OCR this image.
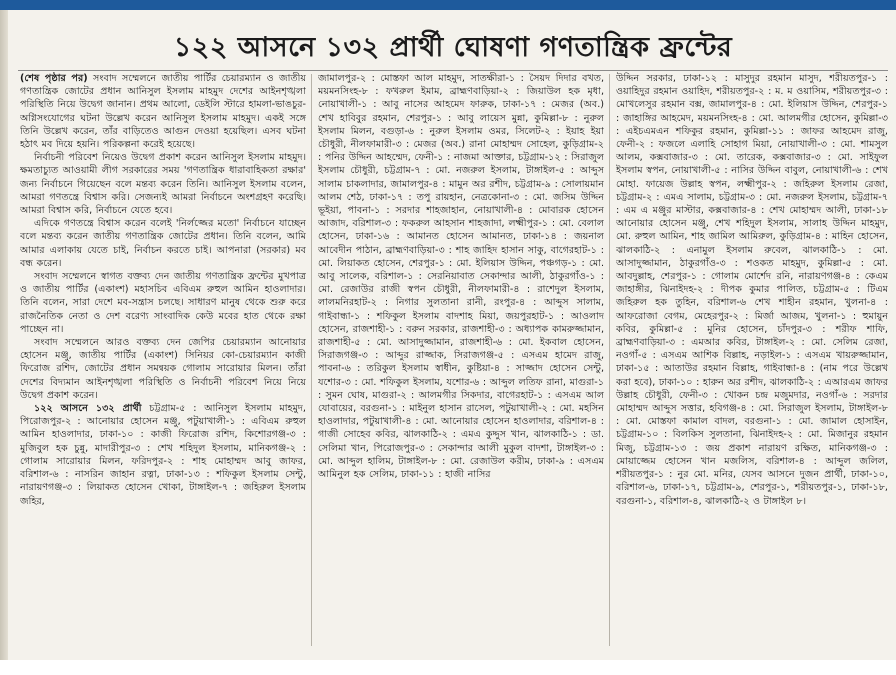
১২২ আসনে ১৩২ প্রার্থী ঘোষণা গণতান্ত্রিক ফ্রন্টের

(শেষ পৃষ্ঠার পর) সংবাদ সম্মেলনে জাতীয় পার্টির চেয়ারম্যান ও জাতীয় গণতান্ত্রিক জোটের প্রধান আনিসুল ইসলাম মাহমুদ দেশের আইনশৃঙ্খলা পরিস্থিতি নিয়ে উদ্বেগ জানান। প্রথম আলো, ডেইলি স্টারে হামলা-ভাঙচুর-অগ্নিসংযোগের ঘটনা উল্লেখ করেন আনিসুল ইসলাম মাহমুদ। একই সঙ্গে তিনি উল্লেখ করেন, তাঁর বাড়িতেও আগুন দেওয়া হয়েছিল। এসব ঘটনা হঠাৎ মব দিয়ে হয়নি। পরিকল্পনা করেই হয়েছে।

নির্বাচনী পরিবেশ নিয়েও উদ্বেগ প্রকাশ করেন আনিসুল ইসলাম মাহমুদ। ক্ষমতাচ্যুত আওয়ামী লীগ সরকারের সময় 'গণতান্ত্রিক ধারাবাহিকতা রক্ষার' জন্য নির্বাচনে গিয়েছেন বলে মন্তব্য করেন তিনি। আনিসুল ইসলাম বলেন, আমরা গণতন্ত্রে বিশ্বাস করি। সেজন্যই আমরা নির্বাচনে অংশগ্রহণ করেছি। আমরা বিশ্বাস করি, নির্বাচনে যেতে হবে।

এদিকে গণতন্ত্রে বিশ্বাস করেন বলেই 'নির্লজ্জের মতো' নির্বাচনে যাচ্ছেন বলে মন্তব্য করেন জাতীয় গণতান্ত্রিক জোটের প্রধান। তিনি বলেন, আমি আমার এলাকায় যেতে চাই, নির্বাচন করতে চাই। আপনারা (সরকার) মব বন্ধ করেন।

সংবাদ সম্মেলনে স্বাগত বক্তব্য দেন জাতীয় গণতান্ত্রিক ফ্রন্টের মুখপাত্র ও জাতীয় পার্টির (একাংশ) মহাসচিব এবিএম রুহুল আমিন হাওলাদার। তিনি বলেন, সারা দেশে মব-সন্ত্রাস চলছে। সাধারণ মানুষ থেকে শুরু করে রাজনৈতিক নেতা ও দেশ বরেণ্য সাংবাদিক কেউ মবের হাত থেকে রক্ষা পাচ্ছেন না।

সংবাদ সম্মেলনে আরও বক্তব্য দেন জেপির চেয়ারম্যান আনোয়ার হোসেন মঞ্জু, জাতীয় পার্টির (একাংশ) সিনিয়র কো-চেয়ারম্যান কাজী ফিরোজ রশিদ, জোটের প্রধান সমন্বয়ক গোলাম সারোয়ার মিলন। তাঁরা দেশের বিদ্যমান আইনশৃঙ্খলা পরিস্থিতি ও নির্বাচনী পরিবেশ নিয়ে নিয়ে উদ্বেগ প্রকাশ করেন।

১২২ আসনে ১৩২ প্রার্থী চট্টগ্রাম-৫ : আনিসুল ইসলাম মাহমুদ, পিরোজপুর-২ : আনোয়ার হোসেন মঞ্জু, পটুয়াখালী-১ : এবিএম রুহুল আমিন হাওলাদার, ঢাকা-১০ : কাজী ফিরোজ রশিদ, কিশোরগঞ্জ-৩ : মুজিবুল হক চুন্নু, মাদারীপুর-৩ : শেখ শহিদুল ইসলাম, মানিকগঞ্জ-২ : গোলাম সারোয়ার মিলন, ফরিদপুর-২ : শাহ মোহাম্মদ আবু জাফর, বরিশাল-৬ : নাসরিন জাহান রত্না, ঢাকা-১৩ : শফিকুল ইসলাম সেন্টু, নারায়ণগঞ্জ-৩ : লিয়াকত হোসেন খোকা, টাঙ্গাইল-৭ : জহিরুল ইসলাম জহির,

জামালপুর-২ : মোস্তফা আল মাহমুদ, সাতক্ষীরা-১ : সৈয়দ দিদার বখত, ময়মনসিংহ-৮ : ফখরুল ইমাম, ব্রাহ্মণবাড়িয়া-২ : জিয়াউল হক মৃধা, নোয়াখালী-১ : আবু নাসের আহমেদ ফারুক, ঢাকা-১৭ : মেজর (অব.) শেখ হাবিবুর রহমান, শেরপুর-১ : আবু লায়েস মুন্না, কুমিল্লা-৮ : নুরুল ইসলাম মিলন, বগুড়া-৬ : নুরুল ইসলাম ওমর, সিলেট-২ : ইয়াহ ইয়া চৌধুরী, নীলফামারী-৩ : মেজর (অব.) রানা মোহাম্মদ সোহেল, কুড়িগ্রাম-২ : পনির উদ্দিন আহম্মেদ, ফেনী-১ : নাজমা আক্তার, চট্টগ্রাম-১২ : সিরাজুল ইসলাম চৌধুরী, চট্টগ্রাম-৭ : মো. নজরুল ইসলাম, টাঙ্গাইল-৫ : আব্দুস সালাম চাকলাদার, জামালপুর-৪ : মামুন অর রশীদ, চট্টগ্রাম-৯ : সোলায়মান আলম শেঠ, ঢাকা-১৭ : তপু রায়হান, নেত্রকোনা-৩ : মো. জসিম উদ্দিন ভূইয়া, পাবনা-১ : সরদার শাহজাহান, নোয়াখালী-৪ : মোবারক হোসেন আজাদ, বরিশাল-৩ : ফকরুল আহসান শাহজাদা, লক্ষ্মীপুর-১ : মো. বেলাল হোসেন, ঢাকা-১৬ : আমানত হোসেন আমানত, ঢাকা-১৪ : জয়নাল আবেদীন পাঠান, ব্রাহ্মণবাড়িয়া-৩ : শাহ জাহিদ হাসান সাকু, বাগেরহাট-১ : মো. লিয়াকত হোসেন, শেরপুর-১ : মো. ইলিয়াস উদ্দিন, পঞ্চগড়-১ : মো. আবু সালেক, বরিশাল-১ : সেরনিয়াবাত সেকান্দার আলী, ঠাকুরগাঁও-১ : মো. রেজাউর রাজী স্বপন চৌধুরী, নীলফামারী-৪ : রাশেদুল ইসলাম, লালমনিরহাট-২ : নিগার সুলতানা রানী, রংপুর-৪ : আব্দুস সালাম, গাইবান্ধা-১ : শফিকুল ইসলাম বাদশাহ মিয়া, জয়পুরহাট-১ : আওলাদ হোসেন, রাজশাহী-১ : বরুন সরকার, রাজশাহী-৩ : অধ্যাপক কামরুজ্জামান, রাজশাহী-৫ : মো. আসাদুজ্জামান, রাজশাহী-৬ : মো. ইকবাল হোসেন, সিরাজগঞ্জ-৩ : আব্দুর রাজ্জাক, সিরাজগঞ্জ-৫ : এসএম হামেদ রাজু, পাবনা-৬ : তরিকুল ইসলাম স্বাধীন, কুষ্টিয়া-৪ : সাজ্জাদ হোসেন সেন্টু, যশোর-৩ : মো. শফিকুল ইসলাম, যশোর-৬ : আব্দুল লতিফ রানা, মাগুরা-১ : সুমন ঘোষ, মাগুরা-২ : আলমগীর সিকদার, বাগেরহাট-১ : এসএম আল যোবায়ের, বরগুনা-১ : মাইনুল হাসান রাসেল, পটুয়াখালী-২ : মো. মহসিন হাওলাদার, পটুয়াখালী-৪ : মো. আনোয়ার হোসেন হাওলাদার, বরিশাল-৪ : গাজী সোহেব কবির, ঝালকাঠি-২ : এমএ কুদ্দুস খান, ঝালকাঠি-১ : ডা. সেলিমা খান, পিরোজপুর-৩ : সেকান্দার আলী মুকুল বাদশা, টাঙ্গাইল-৩ : মো. আব্দুল হালিম, টাঙ্গাইল-৮ : মো. রেজাউল করীম, ঢাকা-৯ : এসএম আমিনুল হক সেলিম, ঢাকা-১১ : হাজী নাসির

উদ্দিন সরকার, ঢাকা-১২ : মাসুদুর রহমান মাসুদ, শরীয়তপুর-১ : ওয়াহিদুর রহমান ওয়াহিদ, শরীয়তপুর-২ : ম. ম ওয়াসিম, শরীয়তপুর-৩ : মোখলেসুর রহমান বক্স, জামালপুর-৪ : মো. ইলিয়াস উদ্দিন, শেরপুর-১ : জাহাঙ্গির আহমেদ, ময়মনসিংহ-৪ : মো. আলমগীর হোসেন, কুমিল্লা-৩ : এইচএমএন শফিকুর রহমান, কুমিল্লা-১১ : জাফর আহমেদ রাজু, ফেনী-২ : ফজলে এলাহি সোহাগ মিয়া, নোয়াখালী-৩ : মো. শামসুল আলম, কক্সবাজার-৩ : মো. তারেক, কক্সবাজার-৩ : মো. সাইফুল ইসলাম স্বপন, নোয়াখালী-৫ : নাসির উদ্দিন বাবুল, নোয়াখালী-৬ : শেখ মোহা. ফায়েজ উল্লাহ স্বপন, লক্ষ্মীপুর-২ : জহিরুল ইসলাম রেজা, চট্টগ্রাম-২ : এমএ সালাম, চট্টগ্রাম-৩ : মো. নজরুল ইসলাম, চট্টগ্রাম-৭ : এম এ মঞ্জুর মাস্টার, কক্সবাজার-৪ : শেখ মোহাম্মদ আলী, ঢাকা-১৮ আনোয়ার হোসেন মঞ্জু, শেখ শহিদুল ইসলাম, সালাহ উদ্দিন মাহমুদ, মো. রুহুল আমিন, শাহ জামিল আমিরুল, কুড়িগ্রাম-৪ : মাহিন হোসেন, ঝালকাঠি-২ : এনামুল ইসলাম রুবেল, ঝালকাঠি-১ : মো. আসাদুজ্জামান, ঠাকুরগাঁও-৩ : শওকত মাহমুদ, কুমিল্লা-৫ : মো. আবদুল্লাহ, শেরপুর-১ : গোলাম মোর্শেদ রনি, নারায়ণগঞ্জ-৪ : কেএম জাহাঙ্গীর, ঝিনাইদহ-২ : দীপক কুমার পালিত, চট্টগ্রাম-৫ : টিএম জহিরুল হক তুহিন, বরিশাল-৬ শেখ শাহীন রহমান, খুলনা-৪ : আফরোজা বেগম, মেহেরপুর-২ : মির্জা আজম, খুলনা-১ : হুমায়ুন কবির, কুমিল্লা-৫ : মুনির হোসেন, চাঁদপুর-৩ : শরীফ শাফি, ব্রাহ্মণবাড়িয়া-৩ : এমআর কবির, টাঙ্গাইল-২ : মো. সেলিম রেজা, নওগাঁ-৫ : এসএম আশিক বিল্লাহ, নড়াইল-১ : এসএম খায়রুজ্জামান, ঢাকা-১৫ : আতাউর রহমান বিল্লাহ, গাইবান্ধা-৪ : (নাম পরে উল্লেখ করা হবে), ঢাকা-১০ : হারুন অর রশীদ, ঝালকাঠি-২ : এআরএম জাফর উল্লাহ চৌধুরী, ফেনী-৩ : খোকন চন্দ্র মজুমদার, নওগাঁ-৬ : সরদার মোহাম্মদ আব্দুস সত্তার, হবিগঞ্জ-৪ : মো. সিরাজুল ইসলাম, টাঙ্গাইল-৮ : মো. মোস্তফা কামাল বাদল, বরগুনা-১ : মো. জামাল হোসাইন, চট্টগ্রাম-১০ : বিলকিস সুলতানা, ঝিনাইদহ-২ : মো. মিজানুর রহমান মিজু, চট্টগ্রাম-১৩ : জয় প্রকাশ নারায়ণ রক্ষিত, মানিকগঞ্জ-৩ : মোয়াজ্জেম হোসেন খান মজলিস, বরিশাল-৪ : আব্দুল জলিল, শরীয়তপুর-১ : নুর মো. মনির, যেসব আসনে দুজন প্রার্থী, ঢাকা-১০, বরিশাল-৬, ঢাকা-১৭, চট্টগ্রাম-৯, শেরপুর-১, শরীয়তপুর-১, ঢাকা-১৮, বরগুনা-১, বরিশাল-৪, ঝালকাঠি-২ ও টাঙ্গাইল ৮।
